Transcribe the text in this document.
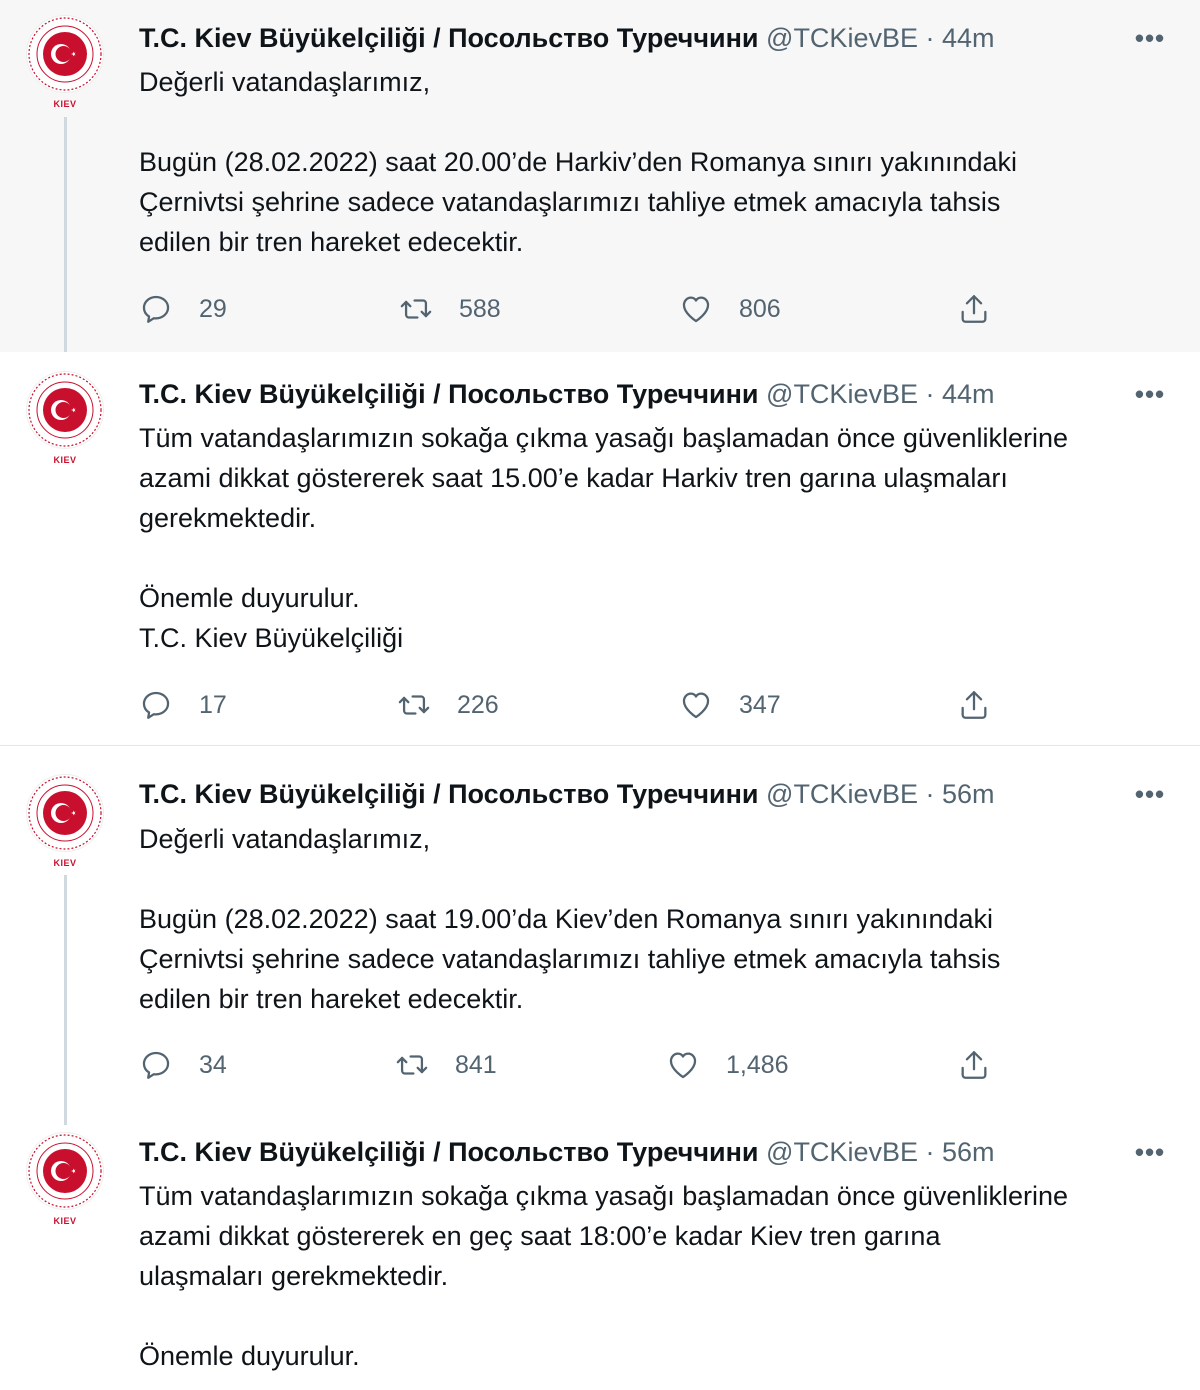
KIEV
T.C. Kiev Büyükelçiliği / Посольство Туреччини @TCKievBE · 44m	•••

Değerli vatandaşlarımız,

Bugün (28.02.2022) saat 20.00’de Harkiv’den Romanya sınırı yakınındaki

Çernivtsi şehrine sadece vatandaşlarımızı tahliye etmek amacıyla tahsis

edilen bir tren hareket edecektir.

29	588	806
KIEV
T.C. Kiev Büyükelçiliği / Посольство Туреччини @TCKievBE · 44m	•••

Tüm vatandaşlarımızın sokağa çıkma yasağı başlamadan önce güvenliklerine

azami dikkat göstererek saat 15.00’e kadar Harkiv tren garına ulaşmaları

gerekmektedir.

Önemle duyurulur.

T.C. Kiev Büyükelçiliği

17	226	347
KIEV
T.C. Kiev Büyükelçiliği / Посольство Туреччини @TCKievBE · 56m	•••

Değerli vatandaşlarımız,

Bugün (28.02.2022) saat 19.00’da Kiev’den Romanya sınırı yakınındaki

Çernivtsi şehrine sadece vatandaşlarımızı tahliye etmek amacıyla tahsis

edilen bir tren hareket edecektir.

34	841	1,486
KIEV
T.C. Kiev Büyükelçiliği / Посольство Туреччини @TCKievBE · 56m	•••

Tüm vatandaşlarımızın sokağa çıkma yasağı başlamadan önce güvenliklerine

azami dikkat göstererek en geç saat 18:00’e kadar Kiev tren garına

ulaşmaları gerekmektedir.

Önemle duyurulur.
